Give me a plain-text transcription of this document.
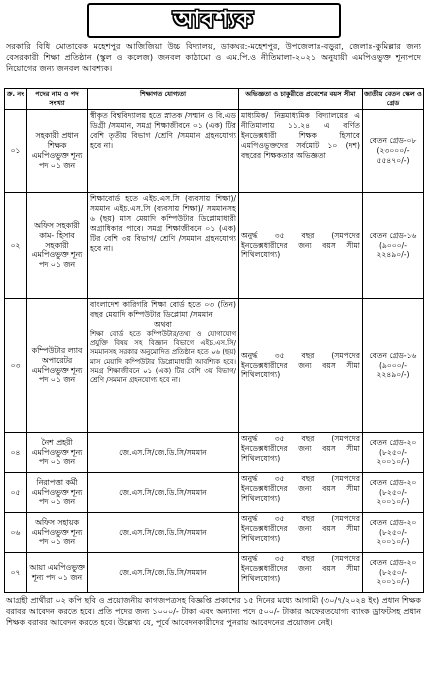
আবশ্যক
সরকারি বিধি মোতাবেক মহেশপুর আজিজিয়া উচ্চ বিদ্যালয়, ডাকঘর:-মহেশপুর, উপজেলাঃ-বড়ুরা, জেলাঃ-কুমিল্লার জন্য বেসরকারী শিক্ষা প্রতিষ্ঠান (স্কুল ও কলেজ) জনবল কাঠামো ও এম.পি.ও নীতিমালা-২০২১ অনুযায়ী এমপিওভুক্ত শূন্যপদে নিয়োগের জন্য জনবল আবশ্যক।
ক্র. নং	পদের নাম ও পদ সংখ্যা	শিক্ষাগত যোগ্যতা	অভিজ্ঞতা ও চাকুরীতে প্রবেশের বয়স সীমা	জাতীয় বেতন স্কেল ও গ্রেড
০১	সহকারী প্রধান শিক্ষক এমপিওভুক্ত শূন্য পদ ০১ জন	স্বীকৃত বিশ্ববিদ্যালয় হতে স্নাতক /সম্মান ও বি.এড ডিগ্রী /সমমান, সমগ্র শিক্ষাজীবনে ০১ (এক) টির বেশি তৃতীয় বিভাগ /শ্রেণি /সমমান গ্রহনযোগ্য হবে না।	মাধ্যমিক/ নিম্নমাধ্যমিক বিদ্যালয়ের এ নীতিমালায় ১১.২৪ এ বর্ণিত ইনডেক্সধারী শিক্ষক হিসাবে এমপিওভুক্তদের সর্বমোট ১০ (দশ) বছরের শিক্ষকতার অভিজ্ঞতা	বেতন গ্রেড-০৮ (২৩০০০/- ৫৫৪৭০/-)
০২	অফিস সহকারী কাম- হিসাব সহকারী এমপিওভুক্ত শূন্য পদ ০১ জন	শিক্ষাবোর্ড হতে এইচ.এস.সি (ব্যবসায় শিক্ষা)/ সমমান এইচ.এস.সি (ব্যবসায় শিক্ষা)/ সমমানসহ ৬ (ছয়) মাস মেয়াদি কম্পিউটার ডিপ্লোমাধারী অগ্রাধিকার পাবে। সমগ্র শিক্ষাজীবনে ০১ (এক) টির বেশি ৩য় বিভাগ/ শ্রেণি /সমমান গ্রহনযোগ্য হবে না।	অনুর্দ্ধ ৩৫ বছর (সমপদের ইনডেক্সধারীদের জন্য বয়স সীমা শিথিলযোগ্য)	বেতন গ্রেড-১৬ (৯০০০/- ২২৪৯০/-)
০৩	কম্পিউটার ল্যাব অপারেটর এমপিওভুক্ত শূন্য পদ ০১ জন	বাংলাদেশ কারিগরি শিক্ষা বোর্ড হতে ০৩ (তিন) বছর মেয়াদি কম্পিউটার ডিপ্লোমা /সমমান
অথবা
শিক্ষা বোর্ড হতে কম্পিউটার/তথ্য ও যোগাযোগ প্রযুক্তি বিষয় সহ বিজ্ঞান বিভাগে এইচ.এস.সি/ সমমানসহ সরকার অনুমোদিত প্রতিষ্ঠান হতে ০৬ (ছয়) মাস মেয়াদি কম্পিউটার ডিপ্লোমাধারী আবশ্যিক হবে। সমগ্র শিক্ষাজীবনে ০১ (এক) টির বেশি ৩য় বিভাগ/শ্রেণি /সমমান গ্রহনযোগ্য হবে না।	অনুর্দ্ধ ৩৫ বছর (সমপদের ইনডেক্সধারীদের জন্য বয়স সীমা শিথিলযোগ্য)	বেতন গ্রেড-১৬ (৯০০০/- ২২৪৯০/-)
০৪	নৈশ প্রহরী এমপিওভুক্ত শূন্য পদ ০১ জন	জে.এস.সি/জে.ডি.সি/সমমান	অনুর্দ্ধ ৩৫ বছর (সমপদের ইনডেক্সধারীদের জন্য বয়স সীমা শিথিলযোগ্য)	বেতন গ্রেড-২০ (৮২৫০/- ২০০১০/-)
০৫	নিরাপত্তা কর্মী এমপিওভুক্ত শূন্য পদ ০১ জন	জে.এস.সি/জে.ডি.সি/সমমান	অনুর্দ্ধ ৩৫ বছর (সমপদের ইনডেক্সধারীদের জন্য বয়স সীমা শিথিলযোগ্য)	বেতন গ্রেড-২০ (৮২৫০/- ২০০১০/-)
০৬	অফিস সহায়ক এমপিওভুক্ত শূন্য পদ ০১ জন	জে.এস.সি/জে.ডি.সি/সমমান	অনুর্দ্ধ ৩৫ বছর (সমপদের ইনডেক্সধারীদের জন্য বয়স সীমা শিথিলযোগ্য)	বেতন গ্রেড-২০ (৮২৫০/- ২০০১০/-)
০৭	আয়া এমপিওভুক্ত শূন্য পদ ০১ জন	জে.এস.সি/জে.ডি.সি/সমমান	অনুর্দ্ধ ৩৫ বছর (সমপদের ইনডেক্সধারীদের জন্য বয়স সীমা শিথিলযোগ্য)	বেতন গ্রেড-২০ (৮২৫০/- ২০০১০/-)
আগ্রহী প্রার্থীরা ০২ কপি ছবি ও প্রয়োজনীয় কাগজপত্রসহ বিজ্ঞপ্তি প্রকাশের ১৫ দিনের মধ্যে আগামী (৩০/৭/২০২৪ ইং) প্রধান শিক্ষক বরাবর আবেদন করতে হবে। প্রতি পদের জন্য ১০০০/- টাকা এবং অন্যান্য পদে ৫০০/- টাকার অফেরতযোগ্য ব্যাংক ড্রাফটসহ প্রধান শিক্ষক বরাবর আবেদন করতে হবে। উল্লেখ্য যে, পূর্বে আবেদনকারীদের পুনরায় আবেদনের প্রয়োজন নেই।
